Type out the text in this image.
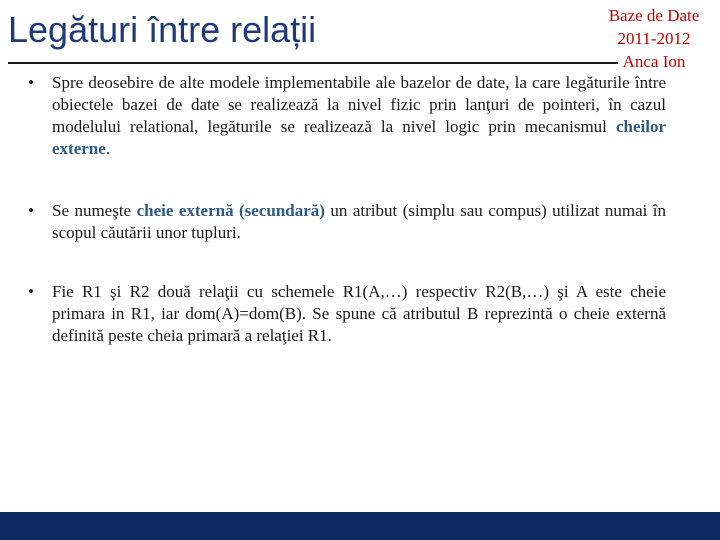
Legături între relații	Baze de Date
2011-2012
Anca Ion
•	Spre deosebire de alte modele implementabile ale bazelor de date, la care legăturile între obiectele bazei de date se realizează la nivel fizic prin lanţuri de pointeri, în cazul modelului relational, legăturile se realizează la nivel logic prin mecanismul cheilor externe.
•	Se numeşte cheie externă (secundară) un atribut (simplu sau compus) utilizat numai în scopul căutării unor tupluri.
•	Fie R1 şi R2 două relaţii cu schemele R1(A,…) respectiv R2(B,…) şi A este cheie primara in R1, iar dom(A)=dom(B). Se spune că atributul B reprezintă o cheie externă definită peste cheia primară a relaţiei R1.
